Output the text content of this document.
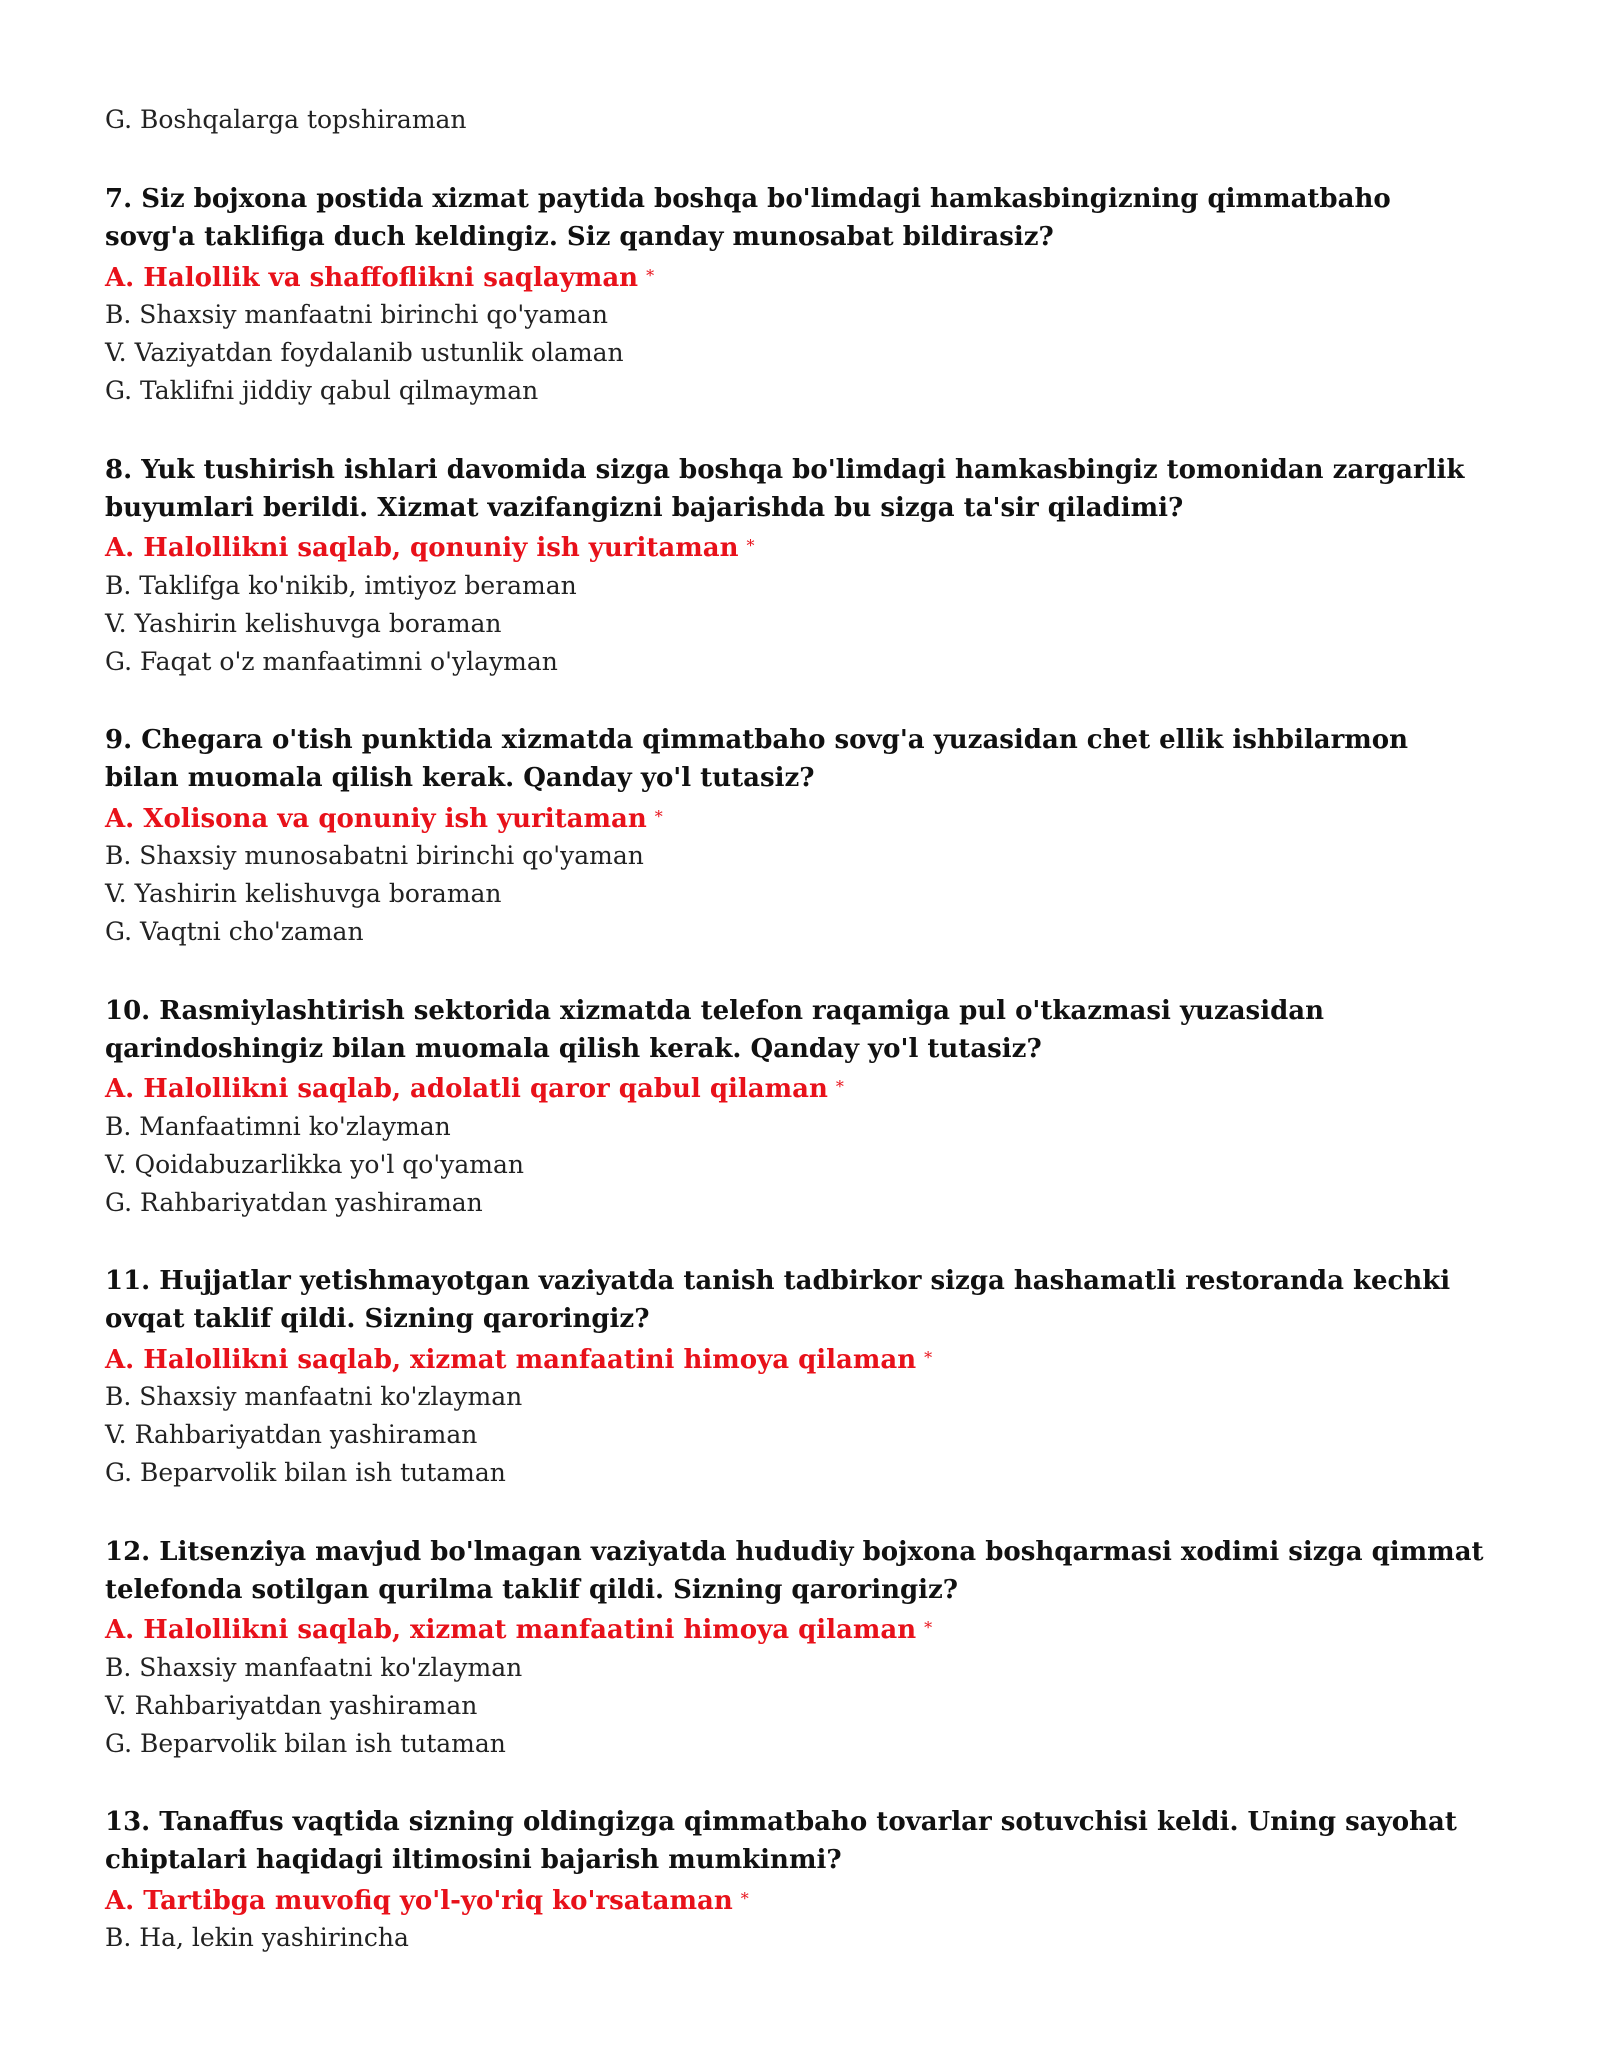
G. Boshqalarga topshiraman
7. Siz bojxona postida xizmat paytida boshqa bo'limdagi hamkasbingizning qimmatbaho sovg'a taklifiga duch keldingiz. Siz qanday munosabat bildirasiz?
A. Halollik va shaffoflikni saqlayman *
B. Shaxsiy manfaatni birinchi qo'yaman
V. Vaziyatdan foydalanib ustunlik olaman
G. Taklifni jiddiy qabul qilmayman
8. Yuk tushirish ishlari davomida sizga boshqa bo'limdagi hamkasbingiz tomonidan zargarlik buyumlari berildi. Xizmat vazifangizni bajarishda bu sizga ta'sir qiladimi?
A. Halollikni saqlab, qonuniy ish yuritaman *
B. Taklifga ko'nikib, imtiyoz beraman
V. Yashirin kelishuvga boraman
G. Faqat o'z manfaatimni o'ylayman
9. Chegara o'tish punktida xizmatda qimmatbaho sovg'a yuzasidan chet ellik ishbilarmon bilan muomala qilish kerak. Qanday yo'l tutasiz?
A. Xolisona va qonuniy ish yuritaman *
B. Shaxsiy munosabatni birinchi qo'yaman
V. Yashirin kelishuvga boraman
G. Vaqtni cho'zaman
10. Rasmiylashtirish sektorida xizmatda telefon raqamiga pul o'tkazmasi yuzasidan qarindoshingiz bilan muomala qilish kerak. Qanday yo'l tutasiz?
A. Halollikni saqlab, adolatli qaror qabul qilaman *
B. Manfaatimni ko'zlayman
V. Qoidabuzarlikka yo'l qo'yaman
G. Rahbariyatdan yashiraman
11. Hujjatlar yetishmayotgan vaziyatda tanish tadbirkor sizga hashamatli restoranda kechki ovqat taklif qildi. Sizning qaroringiz?
A. Halollikni saqlab, xizmat manfaatini himoya qilaman *
B. Shaxsiy manfaatni ko'zlayman
V. Rahbariyatdan yashiraman
G. Beparvolik bilan ish tutaman
12. Litsenziya mavjud bo'lmagan vaziyatda hududiy bojxona boshqarmasi xodimi sizga qimmat telefonda sotilgan qurilma taklif qildi. Sizning qaroringiz?
A. Halollikni saqlab, xizmat manfaatini himoya qilaman *
B. Shaxsiy manfaatni ko'zlayman
V. Rahbariyatdan yashiraman
G. Beparvolik bilan ish tutaman
13. Tanaffus vaqtida sizning oldingizga qimmatbaho tovarlar sotuvchisi keldi. Uning sayohat chiptalari haqidagi iltimosini bajarish mumkinmi?
A. Tartibga muvofiq yo'l-yo'riq ko'rsataman *
B. Ha, lekin yashirincha
